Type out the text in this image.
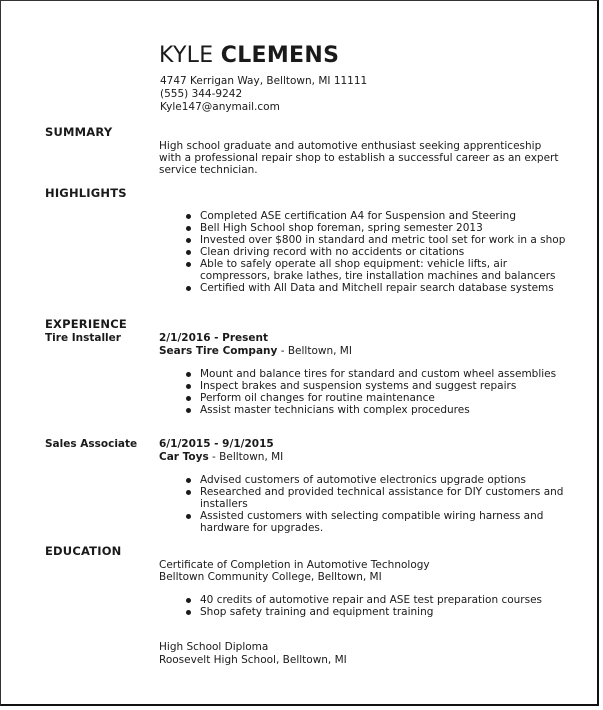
KYLE CLEMENS
4747 Kerrigan Way, Belltown, MI 11111
(555) 344-9242
Kyle147@anymail.com
SUMMARY
High school graduate and automotive enthusiast seeking apprenticeship with a professional repair shop to establish a successful career as an expert service technician.
HIGHLIGHTS
Completed ASE certification A4 for Suspension and Steering
Bell High School shop foreman, spring semester 2013
Invested over $800 in standard and metric tool set for work in a shop
Clean driving record with no accidents or citations
Able to safely operate all shop equipment: vehicle lifts, air compressors, brake lathes, tire installation machines and balancers
Certified with All Data and Mitchell repair search database systems
EXPERIENCE
Tire Installer	2/1/2016 - Present
Sears Tire Company - Belltown, MI
Mount and balance tires for standard and custom wheel assemblies
Inspect brakes and suspension systems and suggest repairs
Perform oil changes for routine maintenance
Assist master technicians with complex procedures
Sales Associate 6/1/2015 - 9/1/2015
Car Toys - Belltown, MI
Advised customers of automotive electronics upgrade options
Researched and provided technical assistance for DIY customers and installers
Assisted customers with selecting compatible wiring harness and hardware for upgrades.
EDUCATION
Certificate of Completion in Automotive Technology
Belltown Community College, Belltown, MI
40 credits of automotive repair and ASE test preparation courses
Shop safety training and equipment training
High School Diploma
Roosevelt High School, Belltown, MI
